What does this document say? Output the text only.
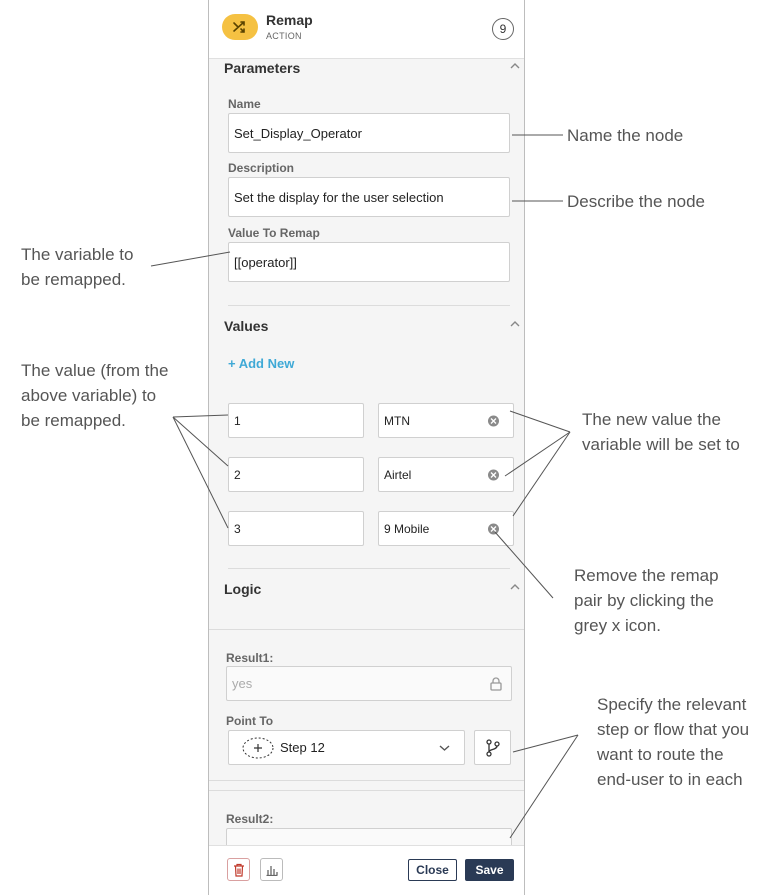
Remap
ACTION	9
Parameters
Name
Set_Display_Operator
Description
Set the display for the user selection
Value To Remap
[[operator]]
Values
+ Add New
1	MTN
2	Airtel
3	9 Mobile
Logic
Result1:
yes
Point To
Step 12
Result2:
Close	Save
Name the node
Describe the node
The variable to
be remapped.
The value (from the
above variable) to
be remapped.	The new value the
variable will be set to
Remove the remap
pair by clicking the
grey x icon.
Specify the relevant
step or flow that you
want to route the
end-user to in each
